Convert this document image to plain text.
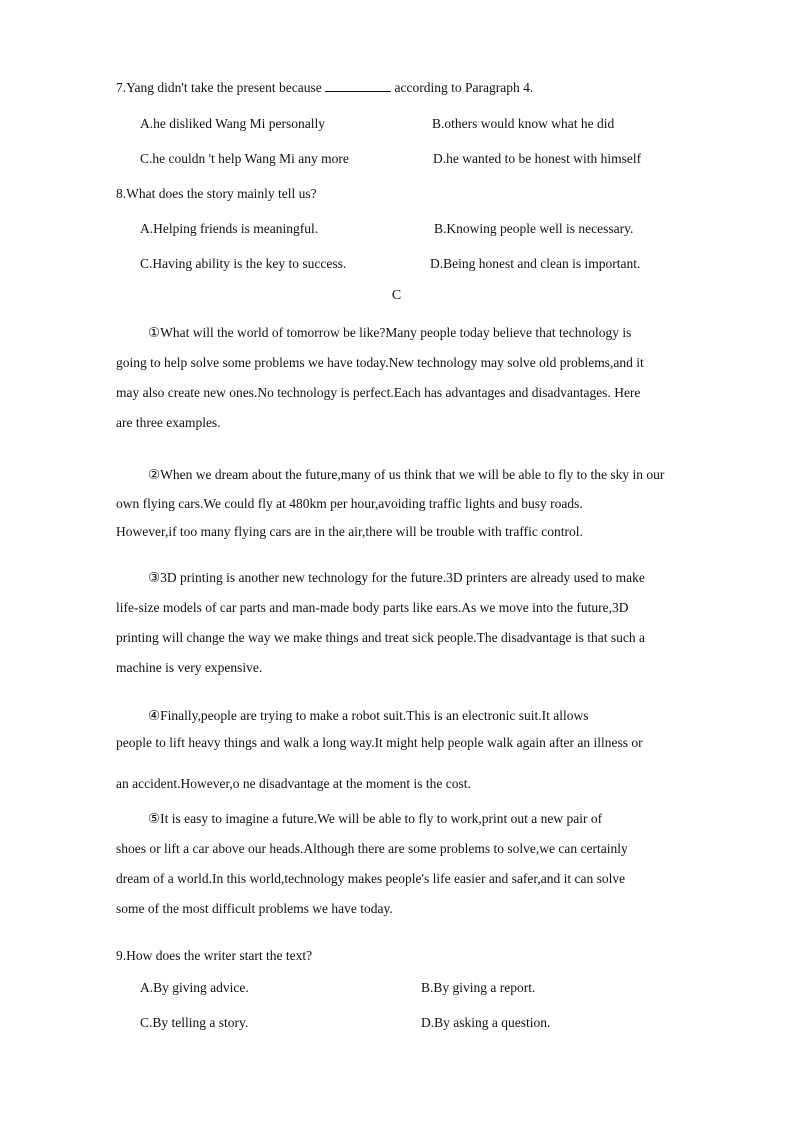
7.Yang didn't take the present because	according to Paragraph 4.
A.he disliked Wang Mi personally	B.others would know what he did
C.he couldn 't help Wang Mi any more	D.he wanted to be honest with himself
8.What does the story mainly tell us?
A.Helping friends is meaningful.	B.Knowing people well is necessary.
C.Having ability is the key to success.	D.Being honest and clean is important.
C
①What will the world of tomorrow be like?Many people today believe that technology is
going to help solve some problems we have today.New technology may solve old problems,and it
may also create new ones.No technology is perfect.Each has advantages and disadvantages. Here
are three examples.
②When we dream about the future,many of us think that we will be able to fly to the sky in our
own flying cars.We could fly at 480km per hour,avoiding traffic lights and busy roads.
However,if too many flying cars are in the air,there will be trouble with traffic control.
③3D printing is another new technology for the future.3D printers are already used to make
life-size models of car parts and man-made body parts like ears.As we move into the future,3D
printing will change the way we make things and treat sick people.The disadvantage is that such a
machine is very expensive.
④Finally,people are trying to make a robot suit.This is an electronic suit.It allows
people to lift heavy things and walk a long way.It might help people walk again after an illness or
an accident.However,o ne disadvantage at the moment is the cost.
⑤It is easy to imagine a future.We will be able to fly to work,print out a new pair of
shoes or lift a car above our heads.Although there are some problems to solve,we can certainly
dream of a world.In this world,technology makes people's life easier and safer,and it can solve
some of the most difficult problems we have today.
9.How does the writer start the text?
A.By giving advice.	B.By giving a report.
C.By telling a story.	D.By asking a question.
